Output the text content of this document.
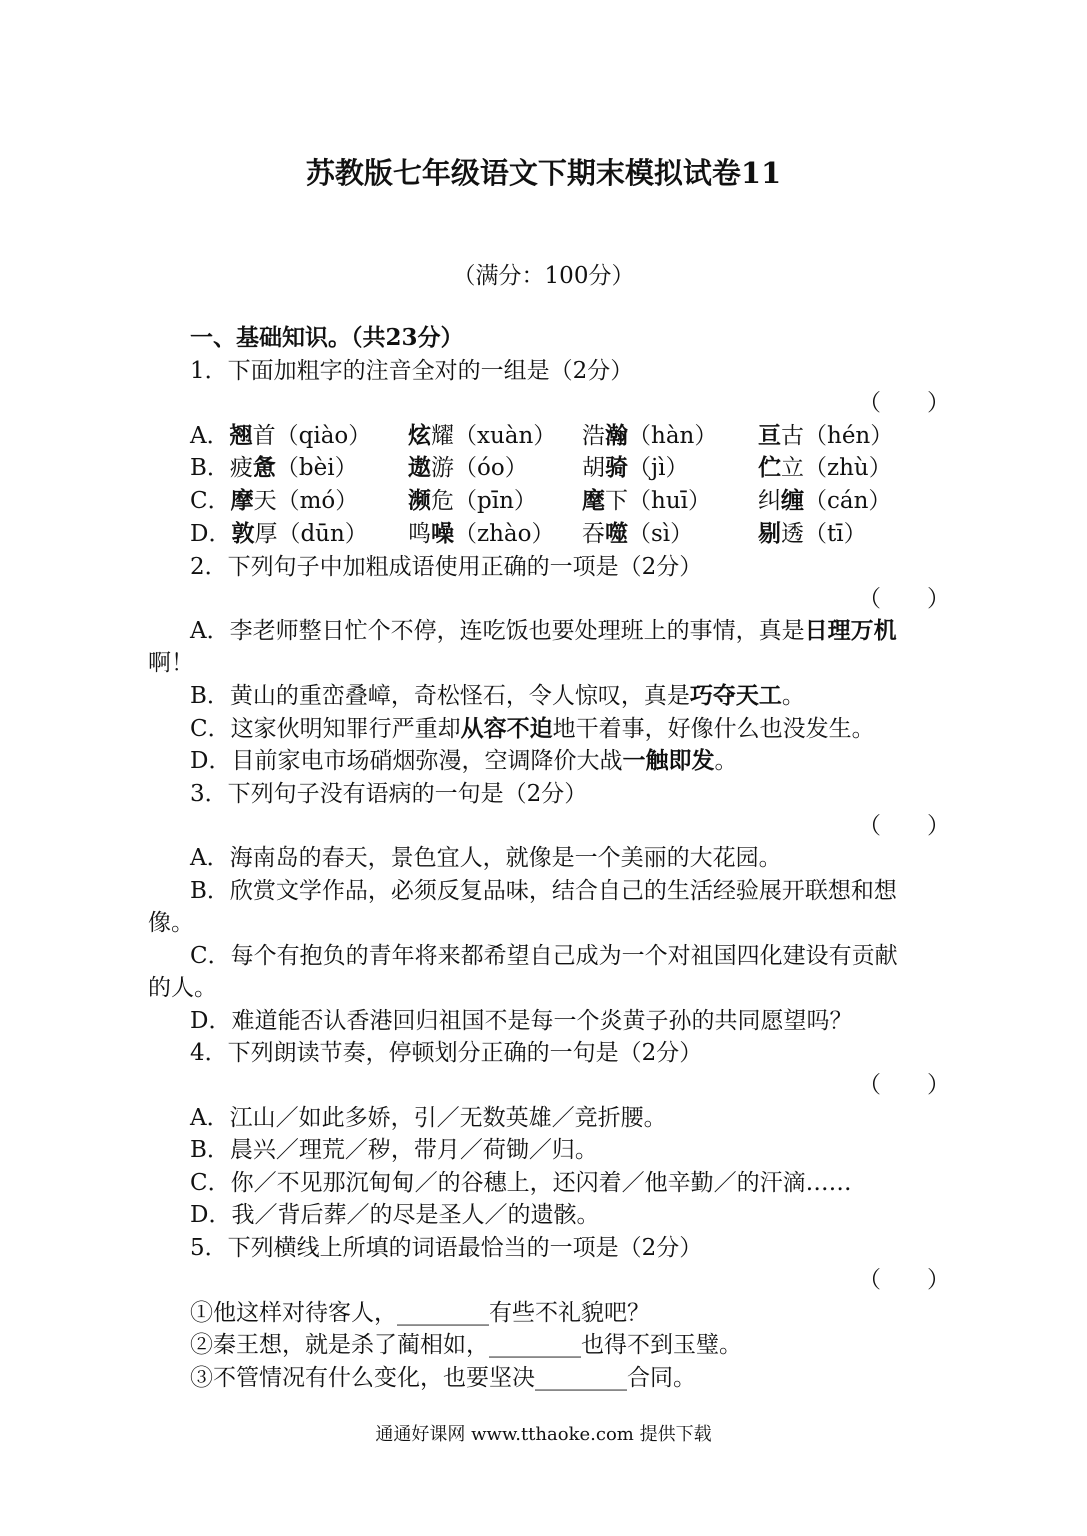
苏教版七年级语文下期末模拟试卷11
（满分：100分）
一、基础知识。（共23分）
1．下面加粗字的注音全对的一组是（2分）
（　　）
A．翘首（qiào） 炫耀（xuàn） 浩瀚（hàn） 亘古（hén）
B．疲惫（bèi） 遨游（óo） 胡骑（jì）	伫立（zhù）
C．摩天（mó） 濒危（pīn） 麾下（huī） 纠缠（cán）
D．敦厚（dūn） 鸣噪（zhào） 吞噬（sì）	剔透（tī）
2．下列句子中加粗成语使用正确的一项是（2分）
（　　）
A．李老师整日忙个不停，连吃饭也要处理班上的事情，真是日理万机
啊！
B．黄山的重峦叠嶂，奇松怪石，令人惊叹，真是巧夺天工。
C．这家伙明知罪行严重却从容不迫地干着事，好像什么也没发生。
D．目前家电市场硝烟弥漫，空调降价大战一触即发。
3．下列句子没有语病的一句是（2分）
（　　）
A．海南岛的春天，景色宜人，就像是一个美丽的大花园。
B．欣赏文学作品，必须反复品味，结合自己的生活经验展开联想和想
像。
C．每个有抱负的青年将来都希望自己成为一个对祖国四化建设有贡献
的人。
D．难道能否认香港回归祖国不是每一个炎黄子孙的共同愿望吗？
4．下列朗读节奏，停顿划分正确的一句是（2分）
（　　）
A．江山／如此多娇，引／无数英雄／竞折腰。
B．晨兴／理荒／秽，带月／荷锄／归。
C．你／不见那沉甸甸／的谷穗上，还闪着／他辛勤／的汗滴……
D．我／背后葬／的尽是圣人／的遗骸。
5．下列横线上所填的词语最恰当的一项是（2分）
（　　）
①他这样对待客人，________有些不礼貌吧？
②秦王想，就是杀了蔺相如，________也得不到玉璧。
③不管情况有什么变化，也要坚决________合同。
通通好课网 www.tthaoke.com 提供下载
